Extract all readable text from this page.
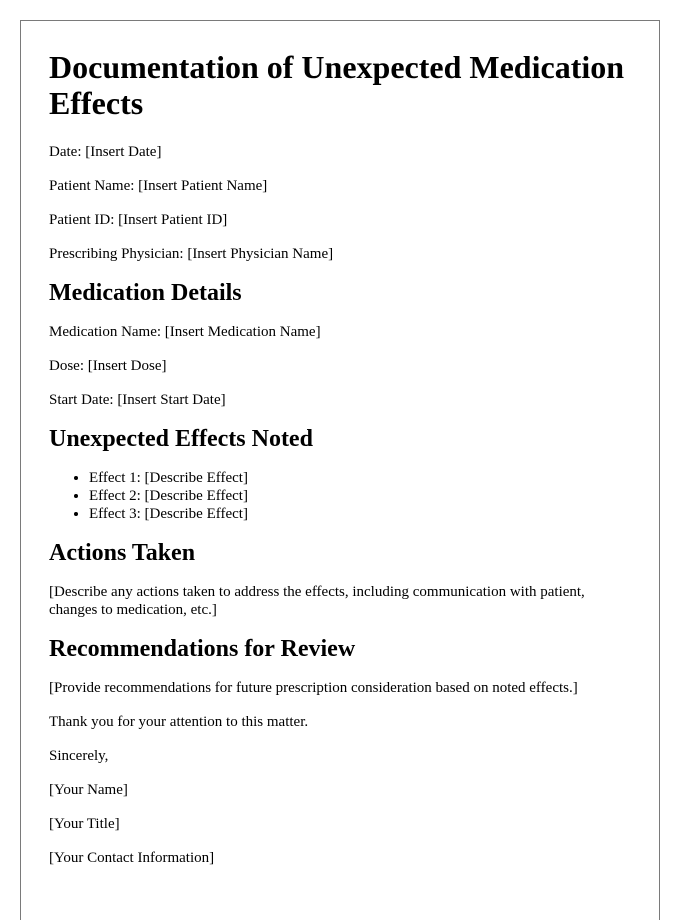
Documentation of Unexpected Medication Effects

Date: [Insert Date]

Patient Name: [Insert Patient Name]

Patient ID: [Insert Patient ID]

Prescribing Physician: [Insert Physician Name]

Medication Details

Medication Name: [Insert Medication Name]

Dose: [Insert Dose]

Start Date: [Insert Start Date]

Unexpected Effects Noted
• Effect 1: [Describe Effect]
• Effect 2: [Describe Effect]
• Effect 3: [Describe Effect]
Actions Taken

[Describe any actions taken to address the effects, including communication with patient, changes to medication, etc.]

Recommendations for Review

[Provide recommendations for future prescription consideration based on noted effects.]

Thank you for your attention to this matter.

Sincerely,

[Your Name]

[Your Title]

[Your Contact Information]
